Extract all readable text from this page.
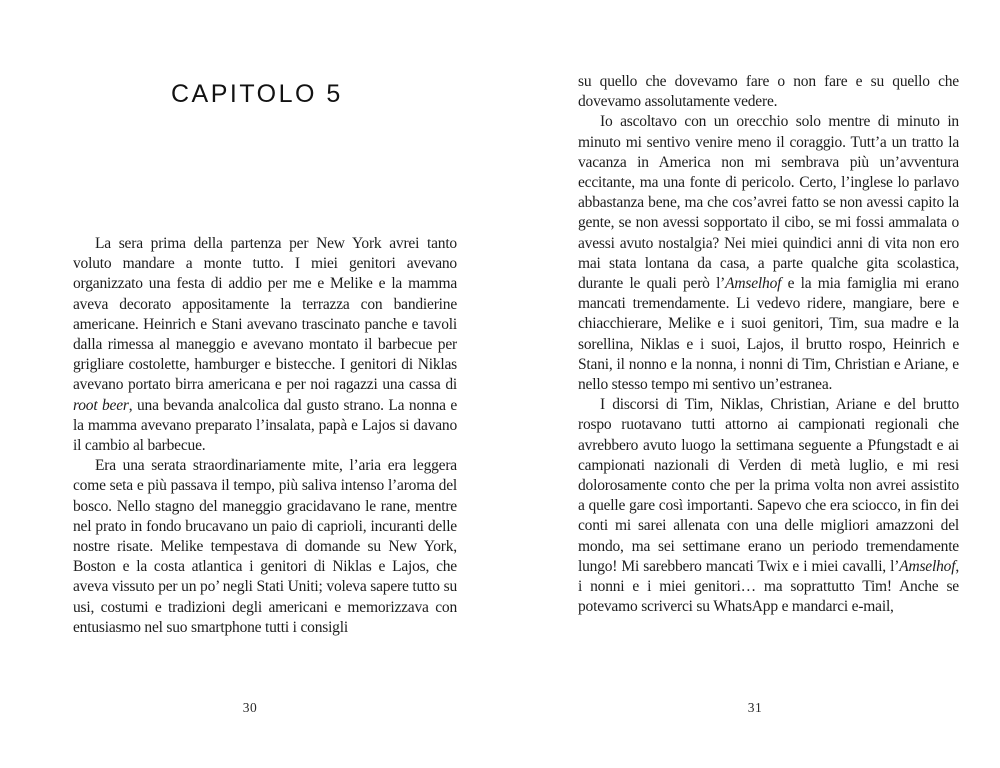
CAPITOLO 5

La sera prima della partenza per New York avrei tanto voluto mandare a monte tutto. I miei genitori avevano organizzato una festa di addio per me e Melike e la mamma aveva decorato appositamente la terrazza con bandierine americane. Heinrich e Stani avevano trascinato panche e tavoli dalla rimessa al maneggio e avevano montato il barbecue per grigliare costolette, hamburger e bistecche. I genitori di Niklas avevano portato birra americana e per noi ragazzi una cassa di root beer, una bevanda analcolica dal gusto strano. La nonna e la mamma avevano preparato l’insalata, papà e Lajos si davano il cambio al barbecue.

Era una serata straordinariamente mite, l’aria era leggera come seta e più passava il tempo, più saliva intenso l’aroma del bosco. Nello stagno del maneggio gracidavano le rane, mentre nel prato in fondo brucavano un paio di caprioli, incuranti delle nostre risate. Melike tempestava di domande su New York, Boston e la costa atlantica i genitori di Niklas e Lajos, che aveva vissuto per un po’ negli Stati Uniti; voleva sapere tutto su usi, costumi e tradizioni degli americani e memorizzava con entusiasmo nel suo smartphone tutti i consigli

30

su quello che dovevamo fare o non fare e su quello che dovevamo assolutamente vedere.

Io ascoltavo con un orecchio solo mentre di minuto in minuto mi sentivo venire meno il coraggio. Tutt’a un tratto la vacanza in America non mi sembrava più un’avventura eccitante, ma una fonte di pericolo. Certo, l’inglese lo parlavo abbastanza bene, ma che cos’avrei fatto se non avessi capito la gente, se non avessi sopportato il cibo, se mi fossi ammalata o avessi avuto nostalgia? Nei miei quindici anni di vita non ero mai stata lontana da casa, a parte qualche gita scolastica, durante le quali però l’Amselhof e la mia famiglia mi erano mancati tremendamente. Li vedevo ridere, mangiare, bere e chiacchierare, Melike e i suoi genitori, Tim, sua madre e la sorellina, Niklas e i suoi, Lajos, il brutto rospo, Heinrich e Stani, il nonno e la nonna, i nonni di Tim, Christian e Ariane, e nello stesso tempo mi sentivo un’estranea.

I discorsi di Tim, Niklas, Christian, Ariane e del brutto rospo ruotavano tutti attorno ai campionati regionali che avrebbero avuto luogo la settimana seguente a Pfungstadt e ai campionati nazionali di Verden di metà luglio, e mi resi dolorosamente conto che per la prima volta non avrei assistito a quelle gare così importanti. Sapevo che era sciocco, in fin dei conti mi sarei allenata con una delle migliori amazzoni del mondo, ma sei settimane erano un periodo tremendamente lungo! Mi sarebbero mancati Twix e i miei cavalli, l’Amselhof, i nonni e i miei genitori… ma soprattutto Tim! Anche se potevamo scriverci su WhatsApp e mandarci e-mail,

31
